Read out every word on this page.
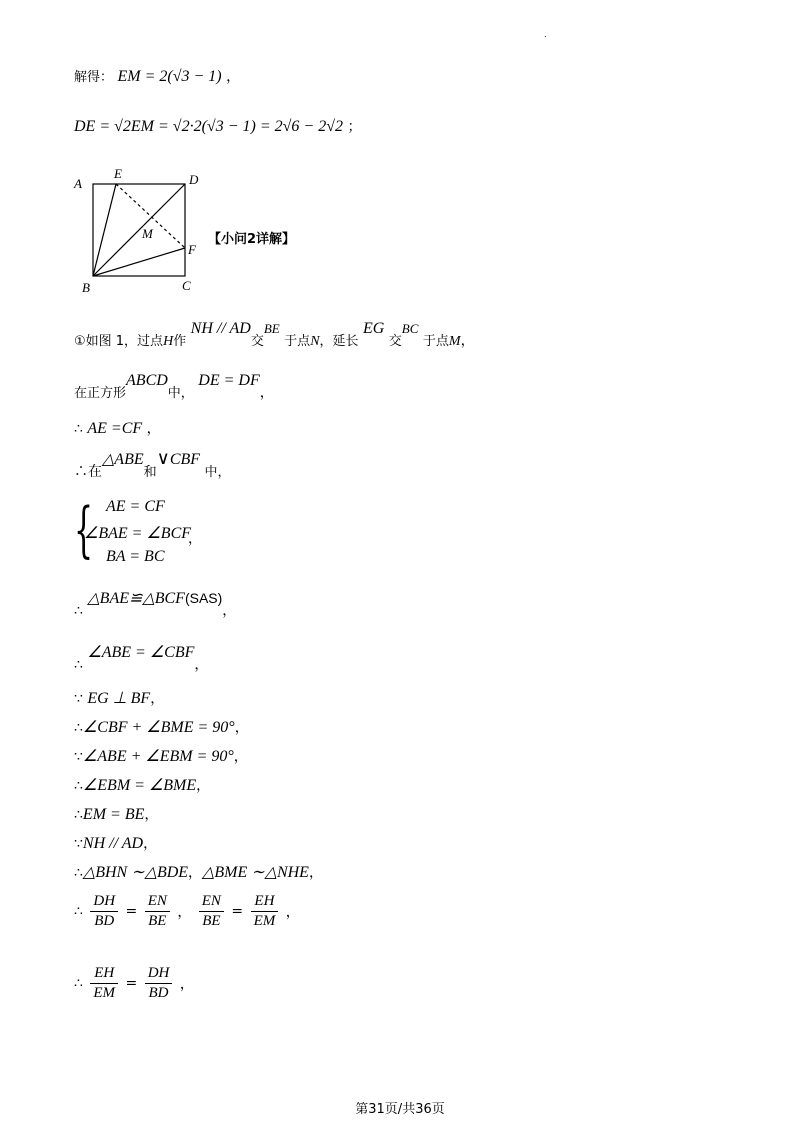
.
解得： EM = 2(√3 − 1) ，
DE = √2EM = √2·2(√3 − 1) = 2√6 − 2√2 ；
A
E	D
M
F
B	C
【小问2详解】
①如图 1，过点H作 NH // AD交BE 于点N，延长 EG 交BC 于点M，
在正方形ABCD中， DE = DF，
∴ AE =CF ，
∴在△ABE和∨CBF 中，
{ AE = CF
∠BAE = ∠BCF
BA = BC
，
∴ △BAE≌△BCF(SAS)，
∴ ∠ABE = ∠CBF，
∵ EG ⊥ BF，
∴∠CBF + ∠BME = 90°，
∵∠ABE + ∠EBM = 90°，
∴∠EBM = ∠BME，
∴EM = BE，
∵NH // AD，
∴△BHN ∼△BDE，△BME ∼△NHE，
∴ $\frac{DH}{BD} = \frac{EN}{BE}$ ， $\frac{EN}{BE} = \frac{EH}{EM}$ ，
∴ $\frac{EH}{EM} = \frac{DH}{BD}$ ，
第31页/共36页
